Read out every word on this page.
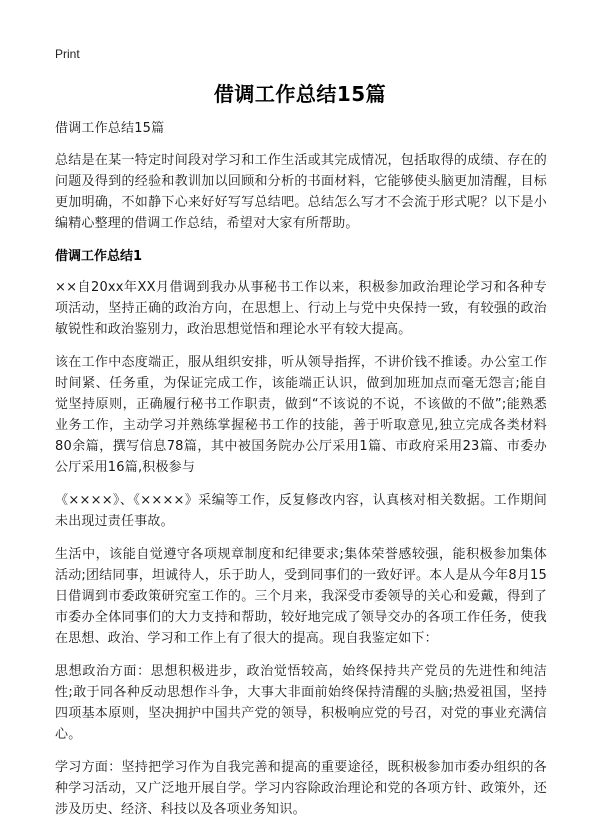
Print
借调工作总结15篇

借调工作总结15篇

总结是在某一特定时间段对学习和工作生活或其完成情况，包括取得的成绩、存在的问题及得到的经验和教训加以回顾和分析的书面材料，它能够使头脑更加清醒，目标更加明确，不如静下心来好好写写总结吧。总结怎么写才不会流于形式呢？以下是小编精心整理的借调工作总结，希望对大家有所帮助。

借调工作总结1

××自20xx年XX月借调到我办从事秘书工作以来，积极参加政治理论学习和各种专项活动，坚持正确的政治方向，在思想上、行动上与党中央保持一致，有较强的政治敏锐性和政治鉴别力，政治思想觉悟和理论水平有较大提高。

该在工作中态度端正，服从组织安排，听从领导指挥，不讲价钱不推诿。办公室工作时间紧、任务重，为保证完成工作，该能端正认识，做到加班加点而毫无怨言;能自觉坚持原则，正确履行秘书工作职责，做到“不该说的不说，不该做的不做”;能熟悉业务工作，主动学习并熟练掌握秘书工作的技能，善于听取意见,独立完成各类材料80余篇，撰写信息78篇，其中被国务院办公厅采用1篇、市政府采用23篇、市委办公厅采用16篇,积极参与

《××××》、《××××》采编等工作，反复修改内容，认真核对相关数据。工作期间未出现过责任事故。

生活中，该能自觉遵守各项规章制度和纪律要求;集体荣誉感较强，能积极参加集体活动;团结同事，坦诚待人，乐于助人，受到同事们的一致好评。本人是从今年8月15日借调到市委政策研究室工作的。三个月来，我深受市委领导的关心和爱戴，得到了市委办全体同事们的大力支持和帮助，较好地完成了领导交办的各项工作任务，使我在思想、政治、学习和工作上有了很大的提高。现自我鉴定如下：

思想政治方面：思想积极进步，政治觉悟较高，始终保持共产党员的先进性和纯洁性;敢于同各种反动思想作斗争，大事大非面前始终保持清醒的头脑;热爱祖国，坚持四项基本原则，坚决拥护中国共产党的领导，积极响应党的号召，对党的事业充满信心。

学习方面：坚持把学习作为自我完善和提高的重要途径，既积极参加市委办组织的各种学习活动，又广泛地开展自学。学习内容除政治理论和党的各项方针、政策外，还涉及历史、经济、科技以及各项业务知识。
